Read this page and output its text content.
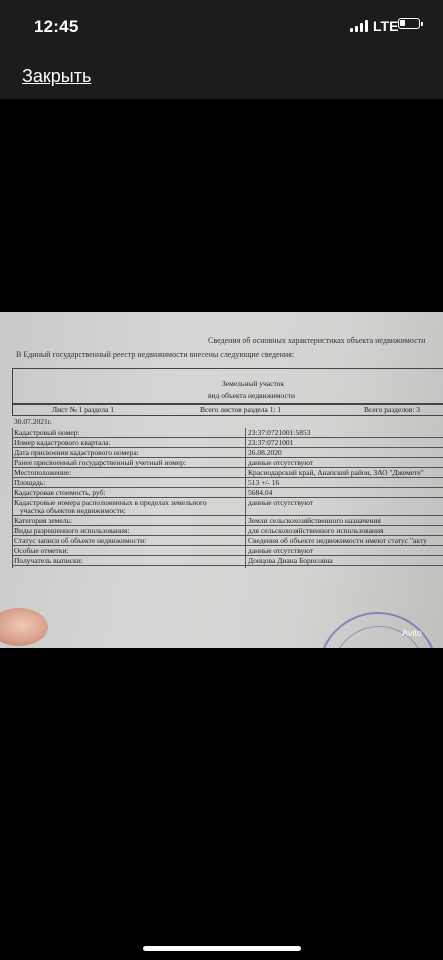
12:45	LTE
Закрыть
Сведения об основных характеристиках объекта недвижимости
В Единый государственный реестр недвижимости внесены следующие сведения:
Земельный участок
вид объекта недвижимости
Лист № 1 раздела 1	Всего листов раздела 1: 1	Всего разделов: 3
30.07.2021г.
Кадастровый номер:	23:37:0721001:5853
Номер кадастрового квартала:	23:37:0721001
Дата присвоения кадастрового номера:	26.08.2020
Ранее присвоенный государственный учетный номер:	данные отсутствуют
Местоположение:	Краснодарский край, Анапский район, ЗАО "Джемете"
Площадь:	513 +/- 16
Кадастровая стоимость, руб:	5684.04
Кадастровые номера расположенных в пределах земельного
участка объектов недвижимости:
данные отсутствуют
Категория земель:	Земли сельскохозяйственного назначения
Виды разрешенного использования:	для сельскохозяйственного использования
Статус записи об объекте недвижимости:	Сведения об объекте недвижимости имеют статус "акту
Особые отметки:	данные отсутствуют
Получатель выписки:	Донцова Диана Борисовна
Avito
